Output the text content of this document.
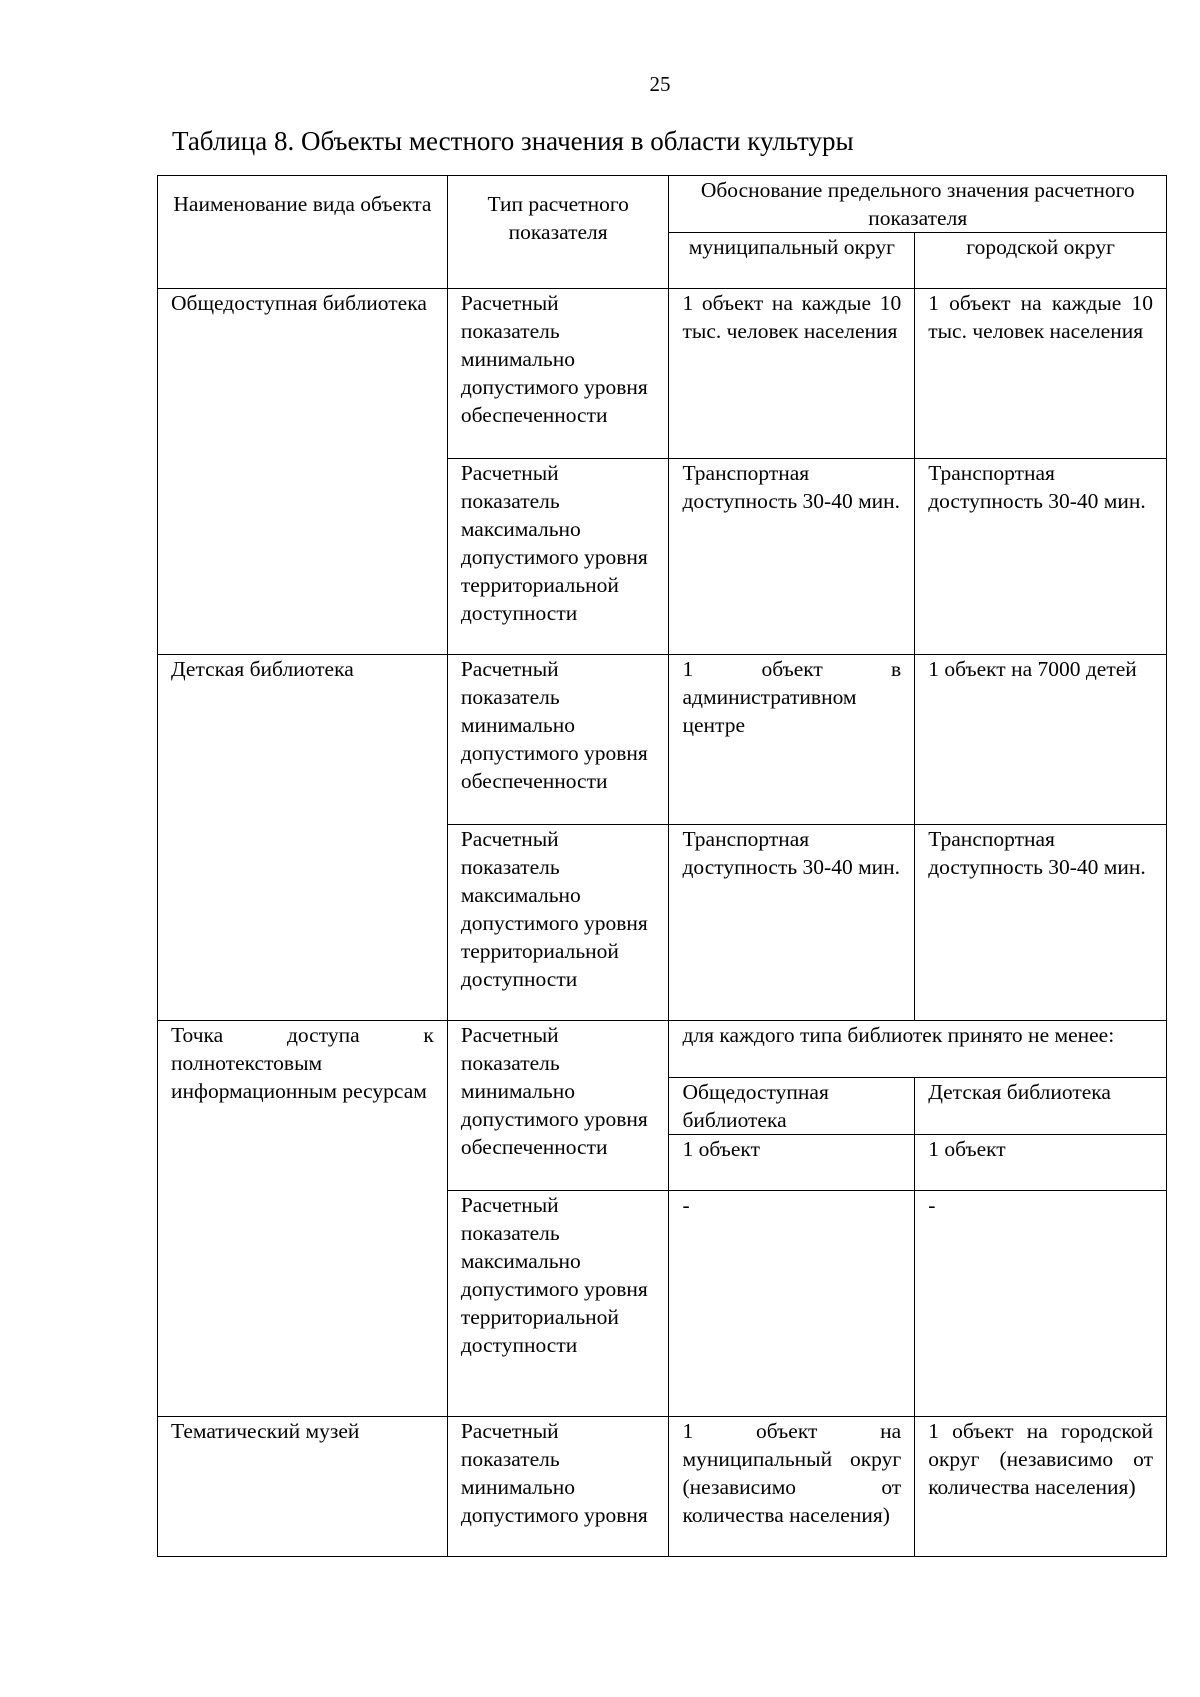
25
Таблица 8. Объекты местного значения в области культуры
Наименование вида объекта	Тип расчетного показателя	Обоснование предельного значения расчетного показателя	
		муниципальный округ	городской округ
Общедоступная библиотека	Расчетный показатель минимально допустимого уровня обеспеченности	1 объект на каждые 10 тыс. человек населения	1 объект на каждые 10 тыс. человек населения
	Расчетный показатель максимально допустимого уровня территориальной доступности	Транспортная доступность 30-40 мин.	Транспортная доступность 30-40 мин.
Детская библиотека	Расчетный показатель минимально допустимого уровня обеспеченности	1 объект в административном центре	1 объект на 7000 детей
	Расчетный показатель максимально допустимого уровня территориальной доступности	Транспортная доступность 30-40 мин.	Транспортная доступность 30-40 мин.
Точка доступа к полнотекстовым информационным ресурсам	Расчетный показатель минимально допустимого уровня обеспеченности	для каждого типа библиотек принято не менее:	
		Общедоступная библиотека	Детская библиотека
		1 объект	1 объект
	Расчетный показатель максимально допустимого уровня территориальной доступности	-	-
Тематический музей	Расчетный показатель минимально допустимого уровня	1 объект на муниципальный округ (независимо от количества населения)	1 объект на городской округ (независимо от количества населения)
